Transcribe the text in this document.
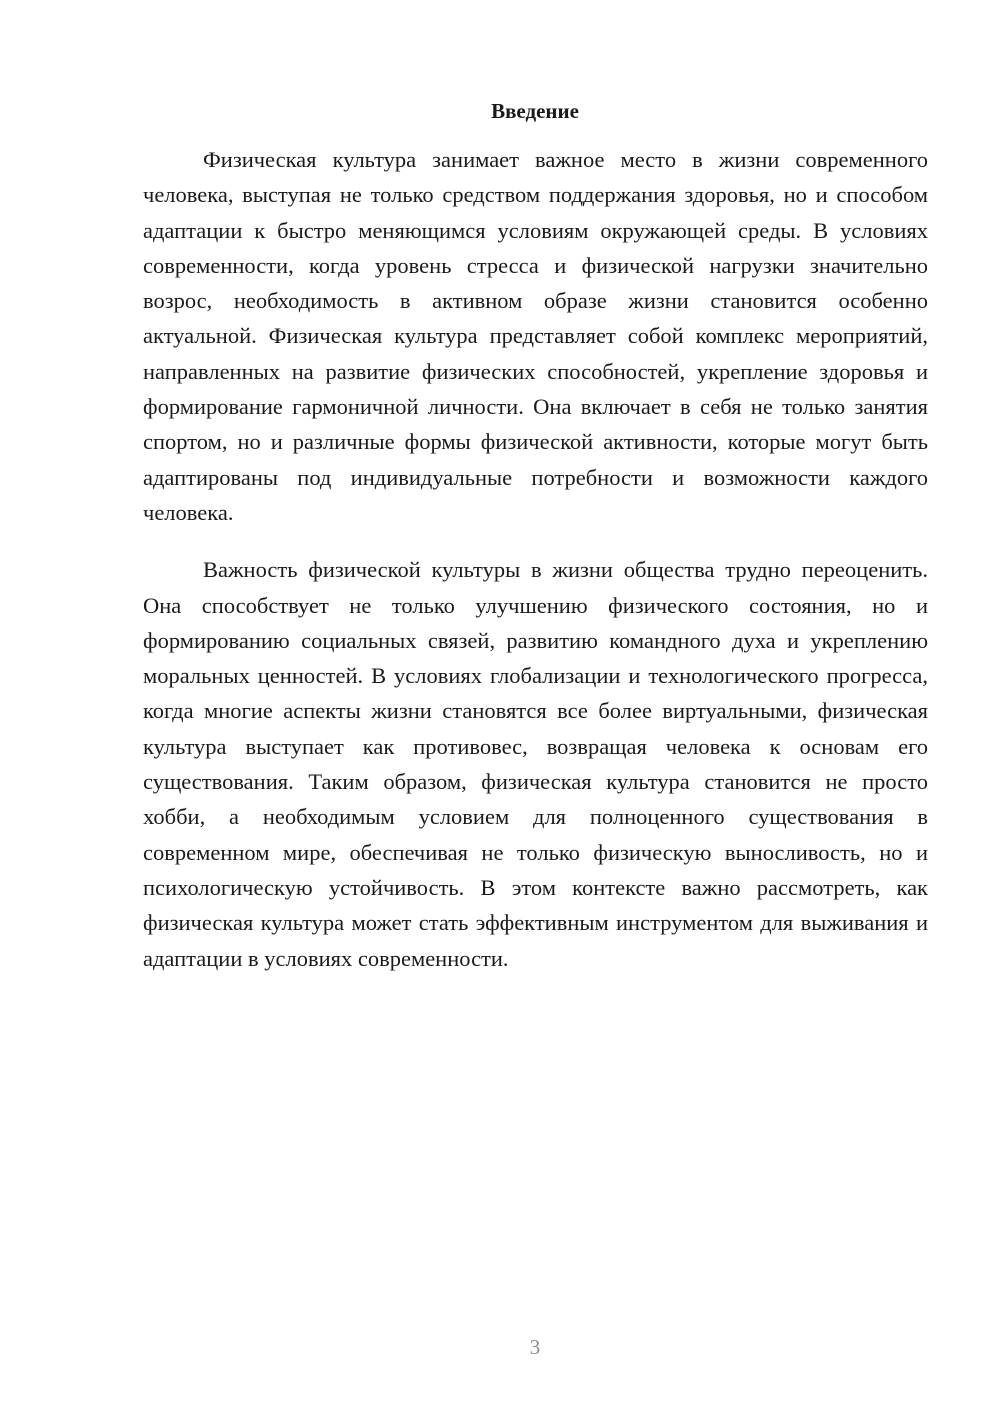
Введение

Физическая культура занимает важное место в жизни современного человека, выступая не только средством поддержания здоровья, но и способом адаптации к быстро меняющимся условиям окружающей среды. В условиях современности, когда уровень стресса и физической нагрузки значительно возрос, необходимость в активном образе жизни становится особенно актуальной. Физическая культура представляет собой комплекс мероприятий, направленных на развитие физических способностей, укрепление здоровья и формирование гармоничной личности. Она включает в себя не только занятия спортом, но и различные формы физической активности, которые могут быть адаптированы под индивидуальные потребности и возможности каждого человека.

Важность физической культуры в жизни общества трудно переоценить. Она способствует не только улучшению физического состояния, но и формированию социальных связей, развитию командного духа и укреплению моральных ценностей. В условиях глобализации и технологического прогресса, когда многие аспекты жизни становятся все более виртуальными, физическая культура выступает как противовес, возвращая человека к основам его существования. Таким образом, физическая культура становится не просто хобби, а необходимым условием для полноценного существования в современном мире, обеспечивая не только физическую выносливость, но и психологическую устойчивость. В этом контексте важно рассмотреть, как физическая культура может стать эффективным инструментом для выживания и адаптации в условиях современности.

3
